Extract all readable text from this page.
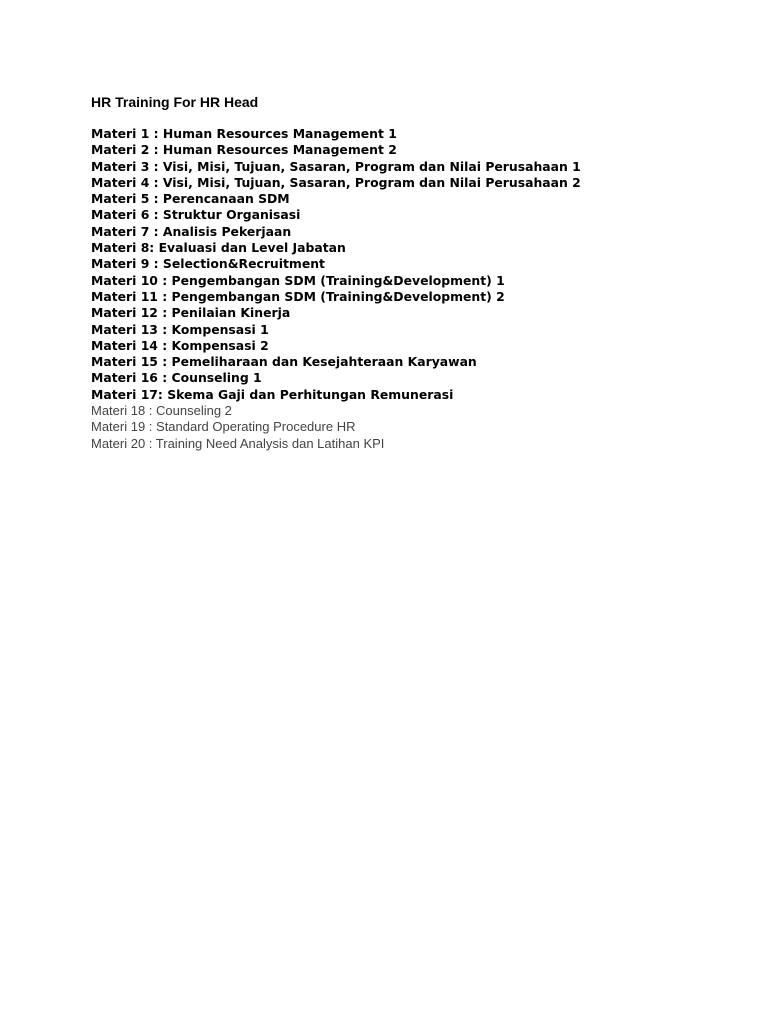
HR Training For HR Head
Materi 1 : Human Resources Management 1
Materi 2 : Human Resources Management 2
Materi 3 : Visi, Misi, Tujuan, Sasaran, Program dan Nilai Perusahaan 1
Materi 4 : Visi, Misi, Tujuan, Sasaran, Program dan Nilai Perusahaan 2
Materi 5 : Perencanaan SDM
Materi 6 : Struktur Organisasi
Materi 7 : Analisis Pekerjaan
Materi 8: Evaluasi dan Level Jabatan
Materi 9 : Selection&Recruitment
Materi 10 : Pengembangan SDM (Training&Development) 1
Materi 11 : Pengembangan SDM (Training&Development) 2
Materi 12 : Penilaian Kinerja
Materi 13 : Kompensasi 1
Materi 14 : Kompensasi 2
Materi 15 : Pemeliharaan dan Kesejahteraan Karyawan
Materi 16 : Counseling 1
Materi 17: Skema Gaji dan Perhitungan Remunerasi
Materi 18 : Counseling 2
Materi 19 : Standard Operating Procedure HR
Materi 20 : Training Need Analysis dan Latihan KPI
